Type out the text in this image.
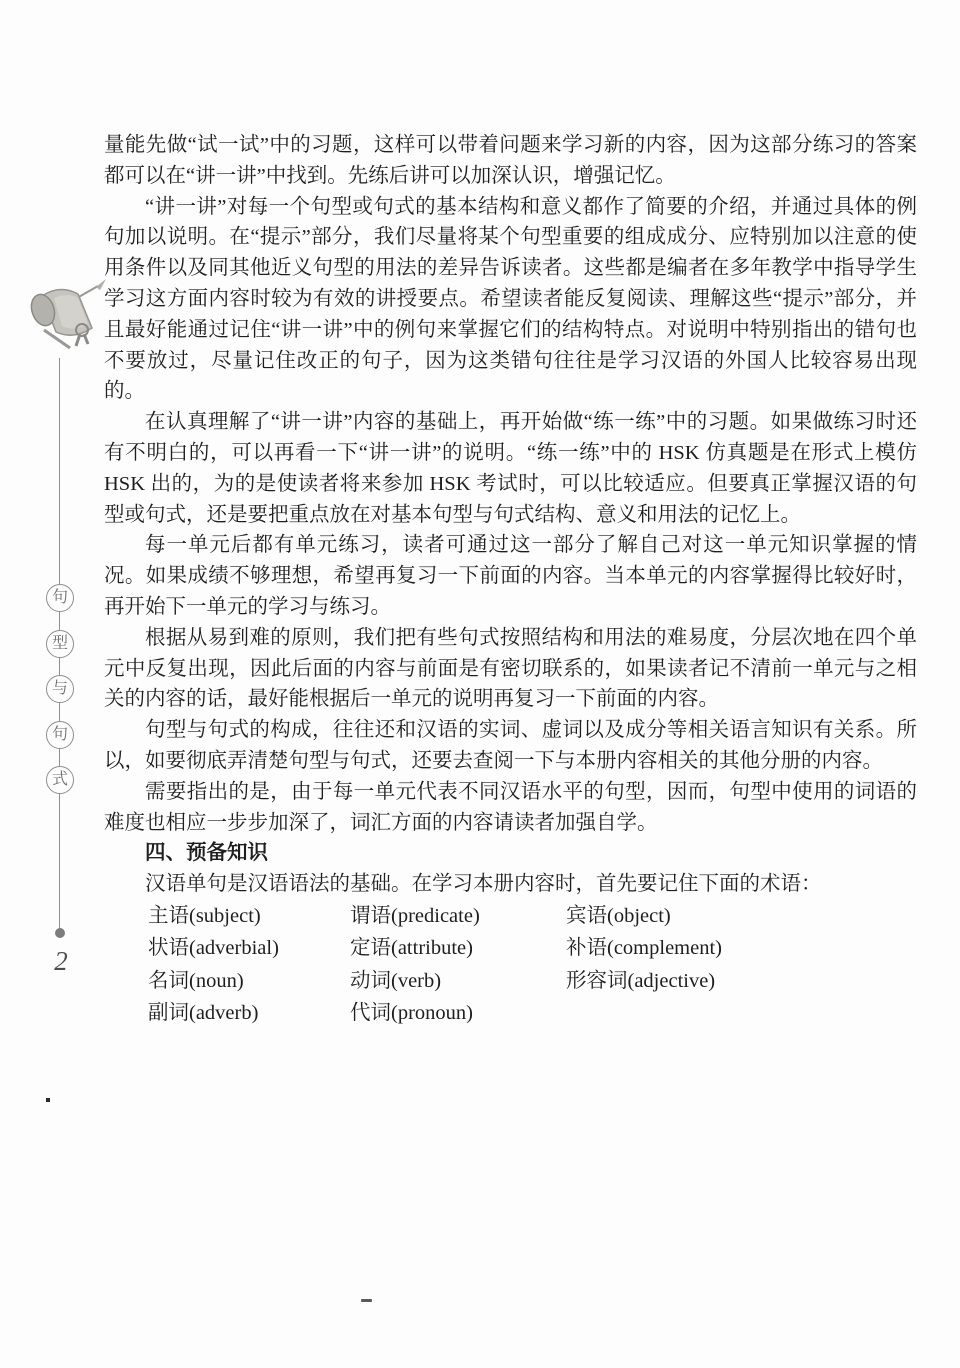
句
型
与
句
式
2

量能先做“试一试”中的习题，这样可以带着问题来学习新的内容，因为这部分练习的答案都可以在“讲一讲”中找到。先练后讲可以加深认识，增强记忆。

“讲一讲”对每一个句型或句式的基本结构和意义都作了简要的介绍，并通过具体的例句加以说明。在“提示”部分，我们尽量将某个句型重要的组成成分、应特别加以注意的使用条件以及同其他近义句型的用法的差异告诉读者。这些都是编者在多年教学中指导学生学习这方面内容时较为有效的讲授要点。希望读者能反复阅读、理解这些“提示”部分，并且最好能通过记住“讲一讲”中的例句来掌握它们的结构特点。对说明中特别指出的错句也不要放过，尽量记住改正的句子，因为这类错句往往是学习汉语的外国人比较容易出现的。

在认真理解了“讲一讲”内容的基础上，再开始做“练一练”中的习题。如果做练习时还有不明白的，可以再看一下“讲一讲”的说明。“练一练”中的 HSK 仿真题是在形式上模仿 HSK 出的，为的是使读者将来参加 HSK 考试时，可以比较适应。但要真正掌握汉语的句型或句式，还是要把重点放在对基本句型与句式结构、意义和用法的记忆上。

每一单元后都有单元练习，读者可通过这一部分了解自己对这一单元知识掌握的情况。如果成绩不够理想，希望再复习一下前面的内容。当本单元的内容掌握得比较好时，再开始下一单元的学习与练习。

根据从易到难的原则，我们把有些句式按照结构和用法的难易度，分层次地在四个单元中反复出现，因此后面的内容与前面是有密切联系的，如果读者记不清前一单元与之相关的内容的话，最好能根据后一单元的说明再复习一下前面的内容。

句型与句式的构成，往往还和汉语的实词、虚词以及成分等相关语言知识有关系。所以，如要彻底弄清楚句型与句式，还要去查阅一下与本册内容相关的其他分册的内容。

需要指出的是，由于每一单元代表不同汉语水平的句型，因而，句型中使用的词语的难度也相应一步步加深了，词汇方面的内容请读者加强自学。

四、预备知识

汉语单句是汉语语法的基础。在学习本册内容时，首先要记住下面的术语：

主语(subject)	谓语(predicate)	宾语(object)
状语(adverbial)	定语(attribute)	补语(complement)
名词(noun)	动词(verb)	形容词(adjective)
副词(adverb)	代词(pronoun)
